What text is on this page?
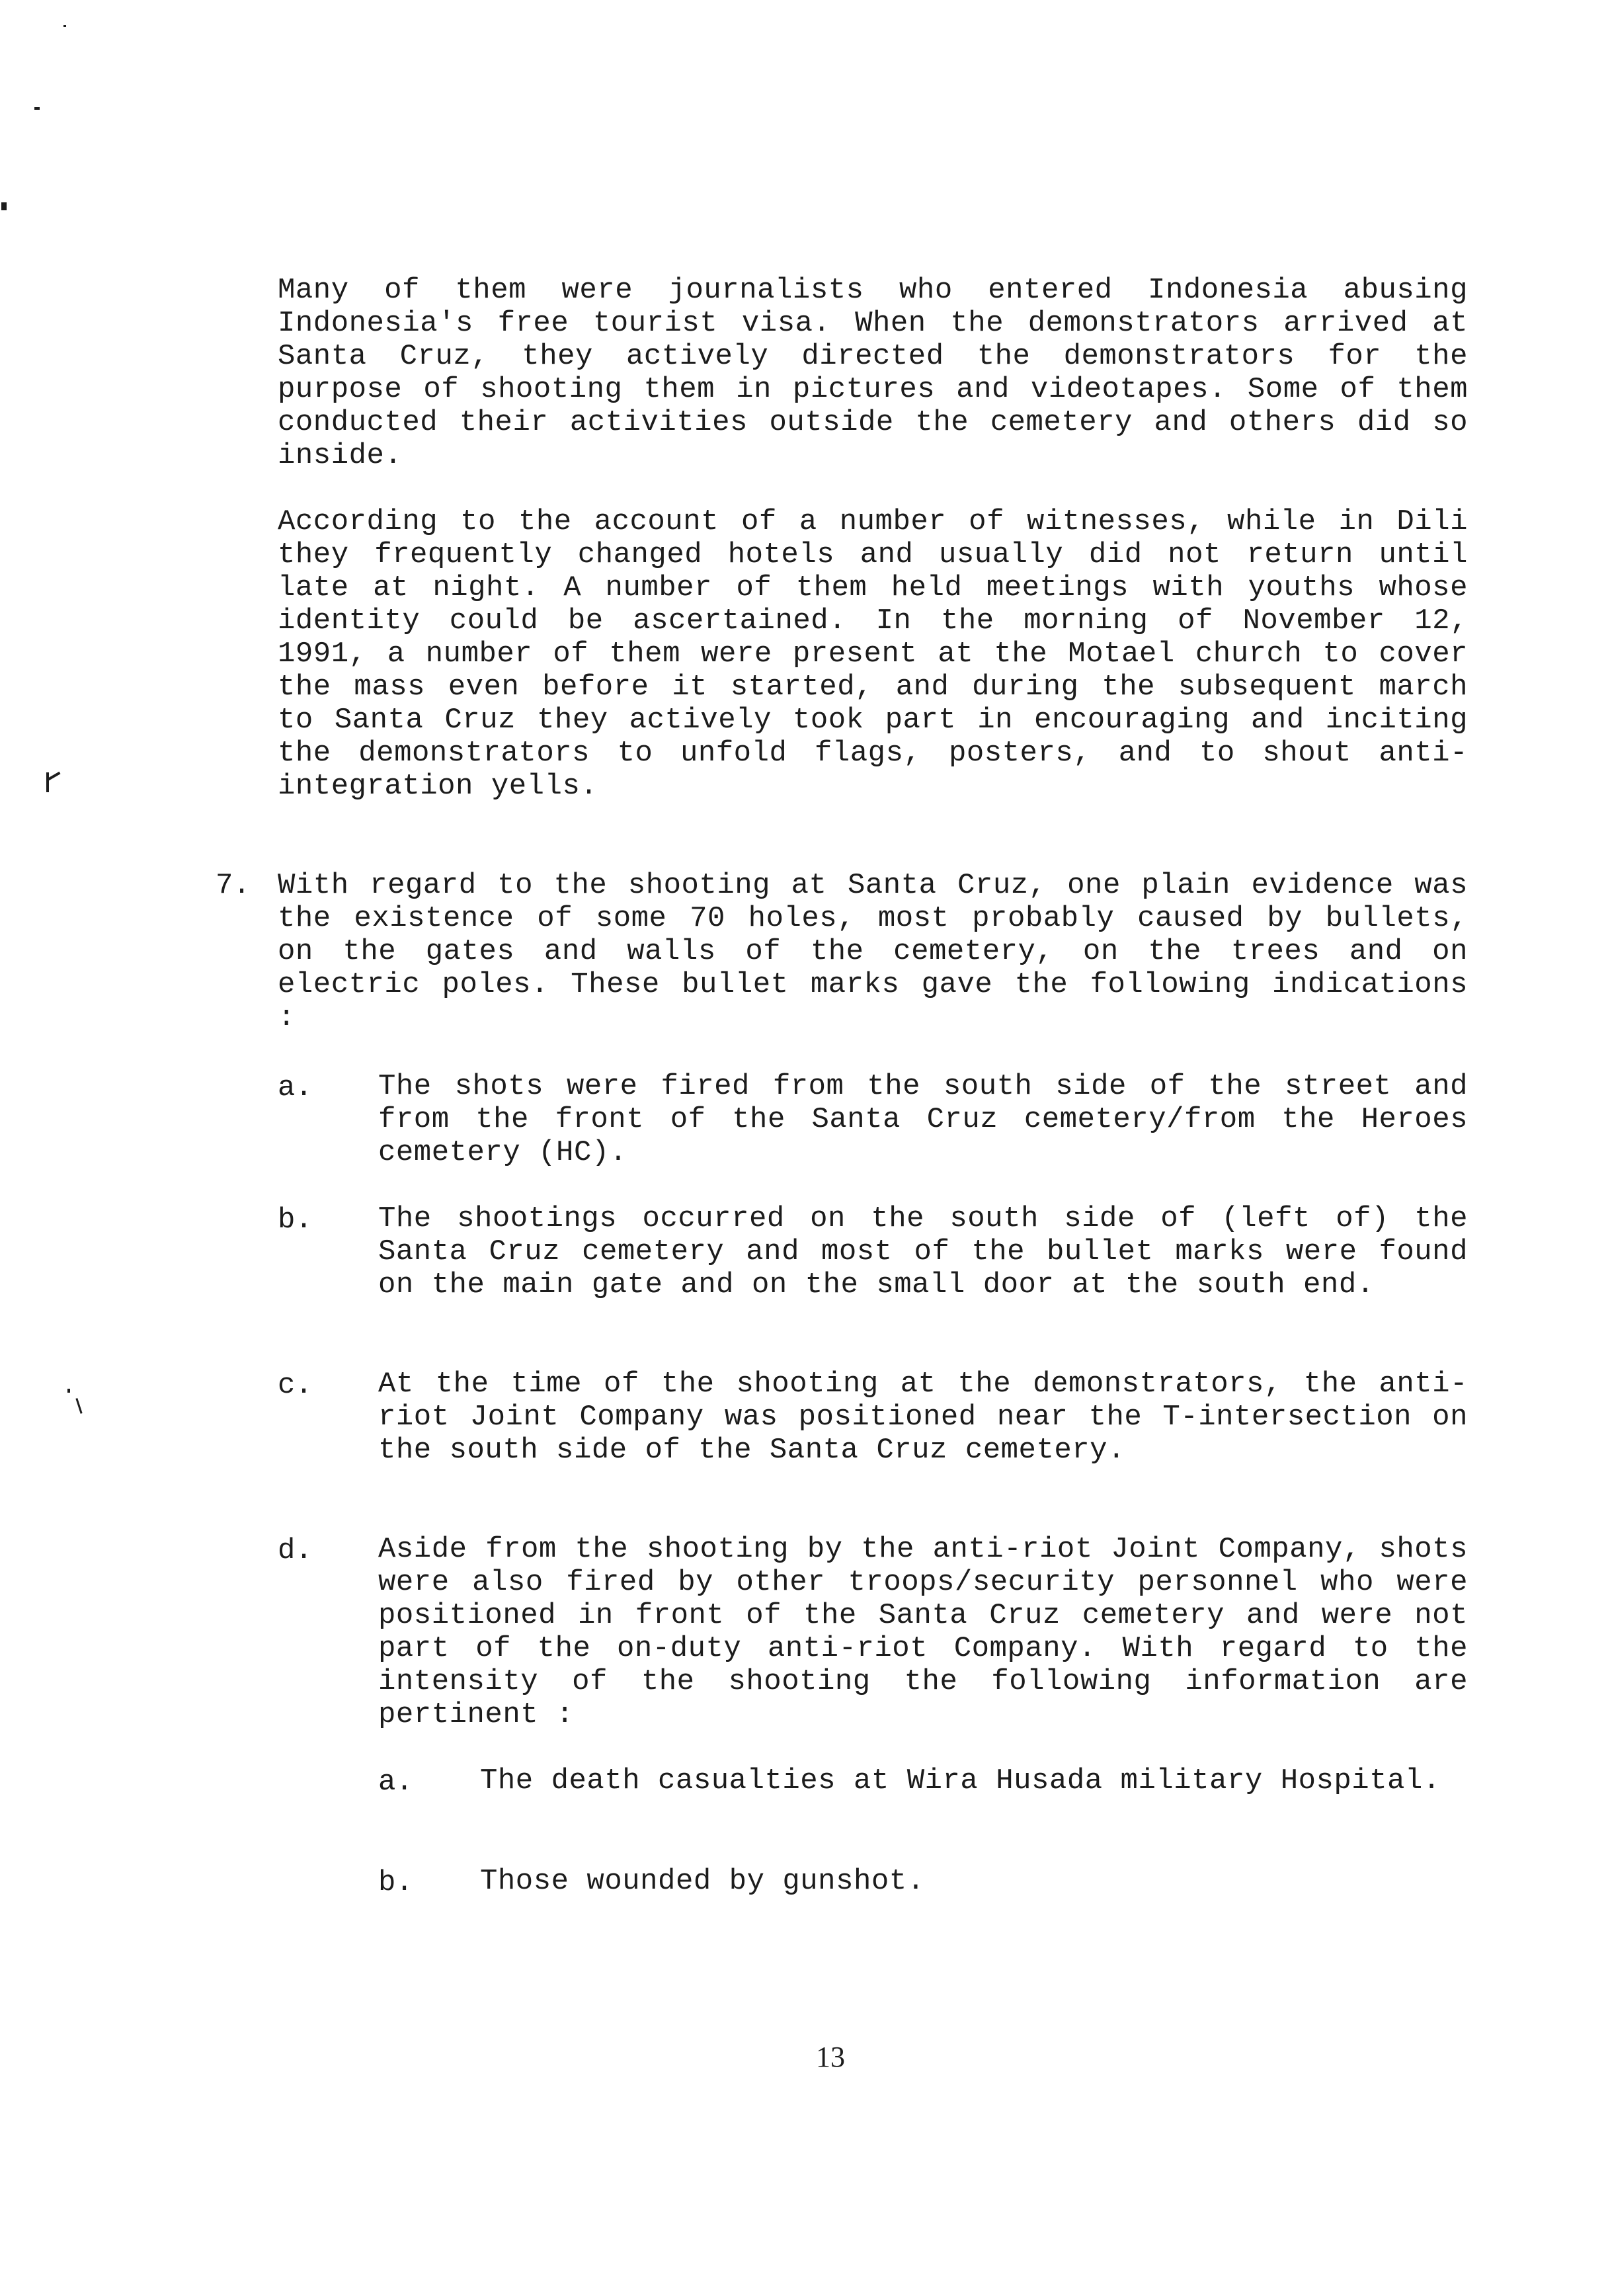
Many of them were journalists who entered Indonesia abusing Indonesia's free tourist visa. When the demonstrators arrived at Santa Cruz, they actively directed the demonstrators for the purpose of shooting them in pictures and videotapes. Some of them conducted their activities outside the cemetery and others did so inside.

According to the account of a number of witnesses, while in Dili they frequently changed hotels and usually did not return until late at night. A number of them held meetings with youths whose identity could be ascertained. In the morning of November 12, 1991, a number of them were present at the Motael church to cover the mass even before it started, and during the subsequent march to Santa Cruz they actively took part in encouraging and inciting the demonstrators to unfold flags, posters, and to shout anti-integration yells.

7. With regard to the shooting at Santa Cruz, one plain evidence was the existence of some 70 holes, most probably caused by bullets, on the gates and walls of the cemetery, on the trees and on electric poles. These bullet marks gave the following indications :

a. The shots were fired from the south side of the street and from the front of the Santa Cruz cemetery/from the Heroes cemetery (HC).

b. The shootings occurred on the south side of (left of) the Santa Cruz cemetery and most of the bullet marks were found on the main gate and on the small door at the south end.

c. At the time of the shooting at the demonstrators, the anti-riot Joint Company was positioned near the T-intersection on the south side of the Santa Cruz cemetery.

d. Aside from the shooting by the anti-riot Joint Company, shots were also fired by other troops/security personnel who were positioned in front of the Santa Cruz cemetery and were not part of the on-duty anti-riot Company. With regard to the intensity of the shooting the following information are pertinent :

a. The death casualties at Wira Husada military Hospital.

b. Those wounded by gunshot.

13
